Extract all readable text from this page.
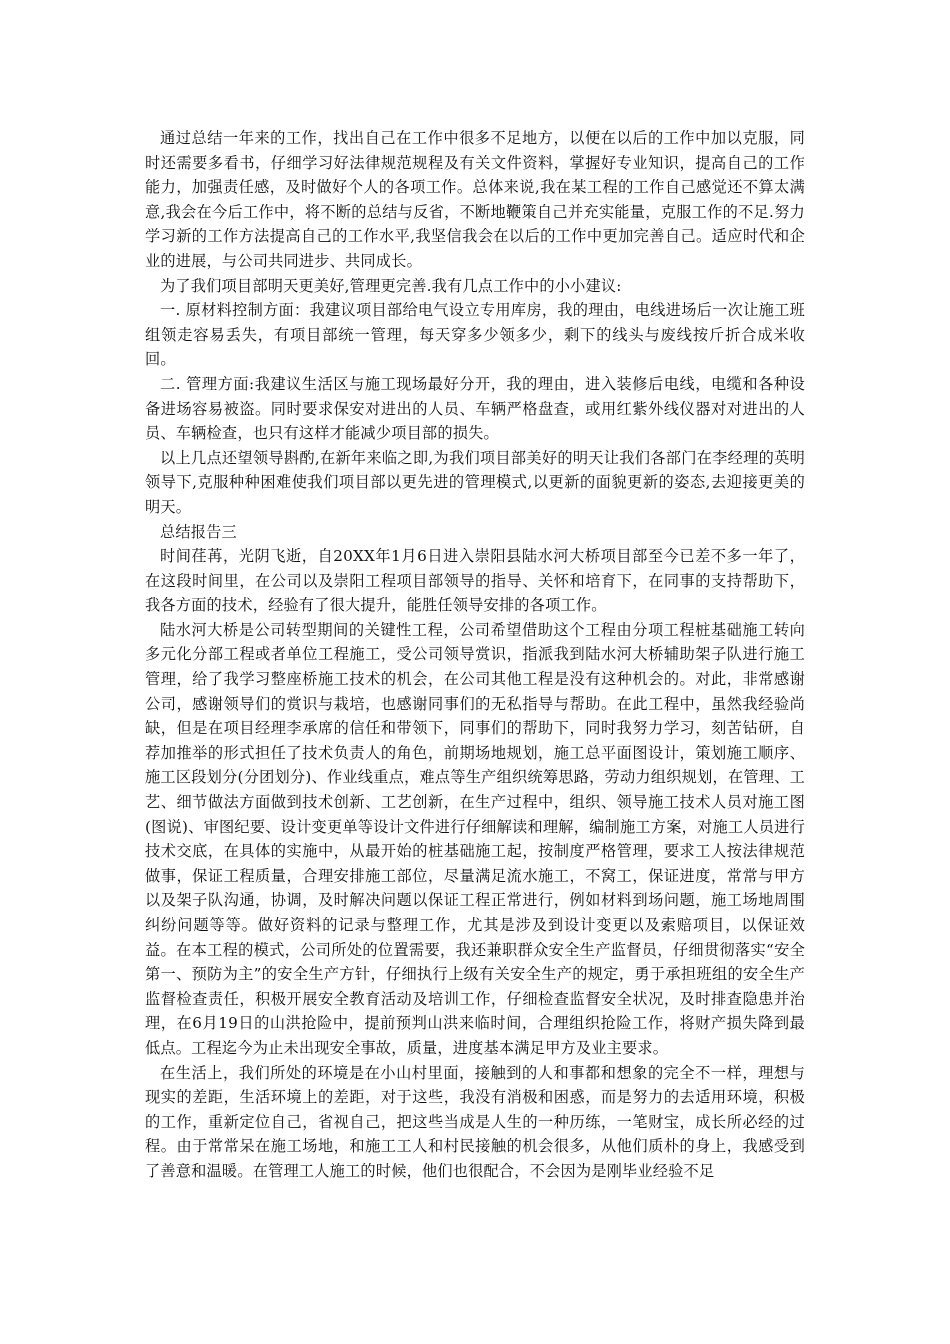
通过总结一年来的工作，找出自己在工作中很多不足地方，以便在以后的工作中加以克服，同时还需要多看书，仔细学习好法律规范规程及有关文件资料，掌握好专业知识，提高自己的工作能力，加强责任感，及时做好个人的各项工作。总体来说,我在某工程的工作自己感觉还不算太满意,我会在今后工作中，将不断的总结与反省，不断地鞭策自己并充实能量，克服工作的不足.努力学习新的工作方法提高自己的工作水平,我坚信我会在以后的工作中更加完善自己。适应时代和企业的进展，与公司共同进步、共同成长。

为了我们项目部明天更美好,管理更完善.我有几点工作中的小小建议:

一. 原材料控制方面：我建议项目部给电气设立专用库房，我的理由，电线进场后一次让施工班组领走容易丢失，有项目部统一管理，每天穿多少领多少，剩下的线头与废线按斤折合成米收回。

二. 管理方面:我建议生活区与施工现场最好分开，我的理由，进入装修后电线，电缆和各种设备进场容易被盗。同时要求保安对进出的人员、车辆严格盘查，或用红紫外线仪器对对进出的人员、车辆检查，也只有这样才能减少项目部的损失。

以上几点还望领导斟酌,在新年来临之即,为我们项目部美好的明天让我们各部门在李经理的英明领导下,克服种种困难使我们项目部以更先进的管理模式,以更新的面貌更新的姿态,去迎接更美的明天。

总结报告三

时间荏苒，光阴飞逝，自20XX年1月6日进入崇阳县陆水河大桥项目部至今已差不多一年了，在这段时间里，在公司以及崇阳工程项目部领导的指导、关怀和培育下，在同事的支持帮助下，我各方面的技术，经验有了很大提升，能胜任领导安排的各项工作。

陆水河大桥是公司转型期间的关键性工程，公司希望借助这个工程由分项工程桩基础施工转向多元化分部工程或者单位工程施工，受公司领导赏识，指派我到陆水河大桥辅助架子队进行施工管理，给了我学习整座桥施工技术的机会，在公司其他工程是没有这种机会的。对此，非常感谢公司，感谢领导们的赏识与栽培，也感谢同事们的无私指导与帮助。在此工程中，虽然我经验尚缺，但是在项目经理李承席的信任和带领下，同事们的帮助下，同时我努力学习，刻苦钻研，自荐加推举的形式担任了技术负责人的角色，前期场地规划，施工总平面图设计，策划施工顺序、施工区段划分(分团划分)、作业线重点，难点等生产组织统筹思路，劳动力组织规划，在管理、工艺、细节做法方面做到技术创新、工艺创新，在生产过程中，组织、领导施工技术人员对施工图(图说)、审图纪要、设计变更单等设计文件进行仔细解读和理解，编制施工方案，对施工人员进行技术交底，在具体的实施中，从最开始的桩基础施工起，按制度严格管理，要求工人按法律规范做事，保证工程质量，合理安排施工部位，尽量满足流水施工，不窝工，保证进度，常常与甲方以及架子队沟通，协调，及时解决问题以保证工程正常进行，例如材料到场问题，施工场地周围纠纷问题等等。做好资料的记录与整理工作，尤其是涉及到设计变更以及索赔项目，以保证效益。在本工程的模式，公司所处的位置需要，我还兼职群众安全生产监督员，仔细贯彻落实“安全第一、预防为主”的安全生产方针，仔细执行上级有关安全生产的规定，勇于承担班组的安全生产监督检查责任，积极开展安全教育活动及培训工作，仔细检查监督安全状况，及时排查隐患并治理，在6月19日的山洪抢险中，提前预判山洪来临时间，合理组织抢险工作，将财产损失降到最低点。工程迄今为止未出现安全事故，质量，进度基本满足甲方及业主要求。

在生活上，我们所处的环境是在小山村里面，接触到的人和事都和想象的完全不一样，理想与现实的差距，生活环境上的差距，对于这些，我没有消极和困惑，而是努力的去适用环境，积极的工作，重新定位自己，省视自己，把这些当成是人生的一种历练，一笔财宝，成长所必经的过程。由于常常呆在施工场地，和施工工人和村民接触的机会很多，从他们质朴的身上，我感受到了善意和温暖。在管理工人施工的时候，他们也很配合，不会因为是刚毕业经验不足
